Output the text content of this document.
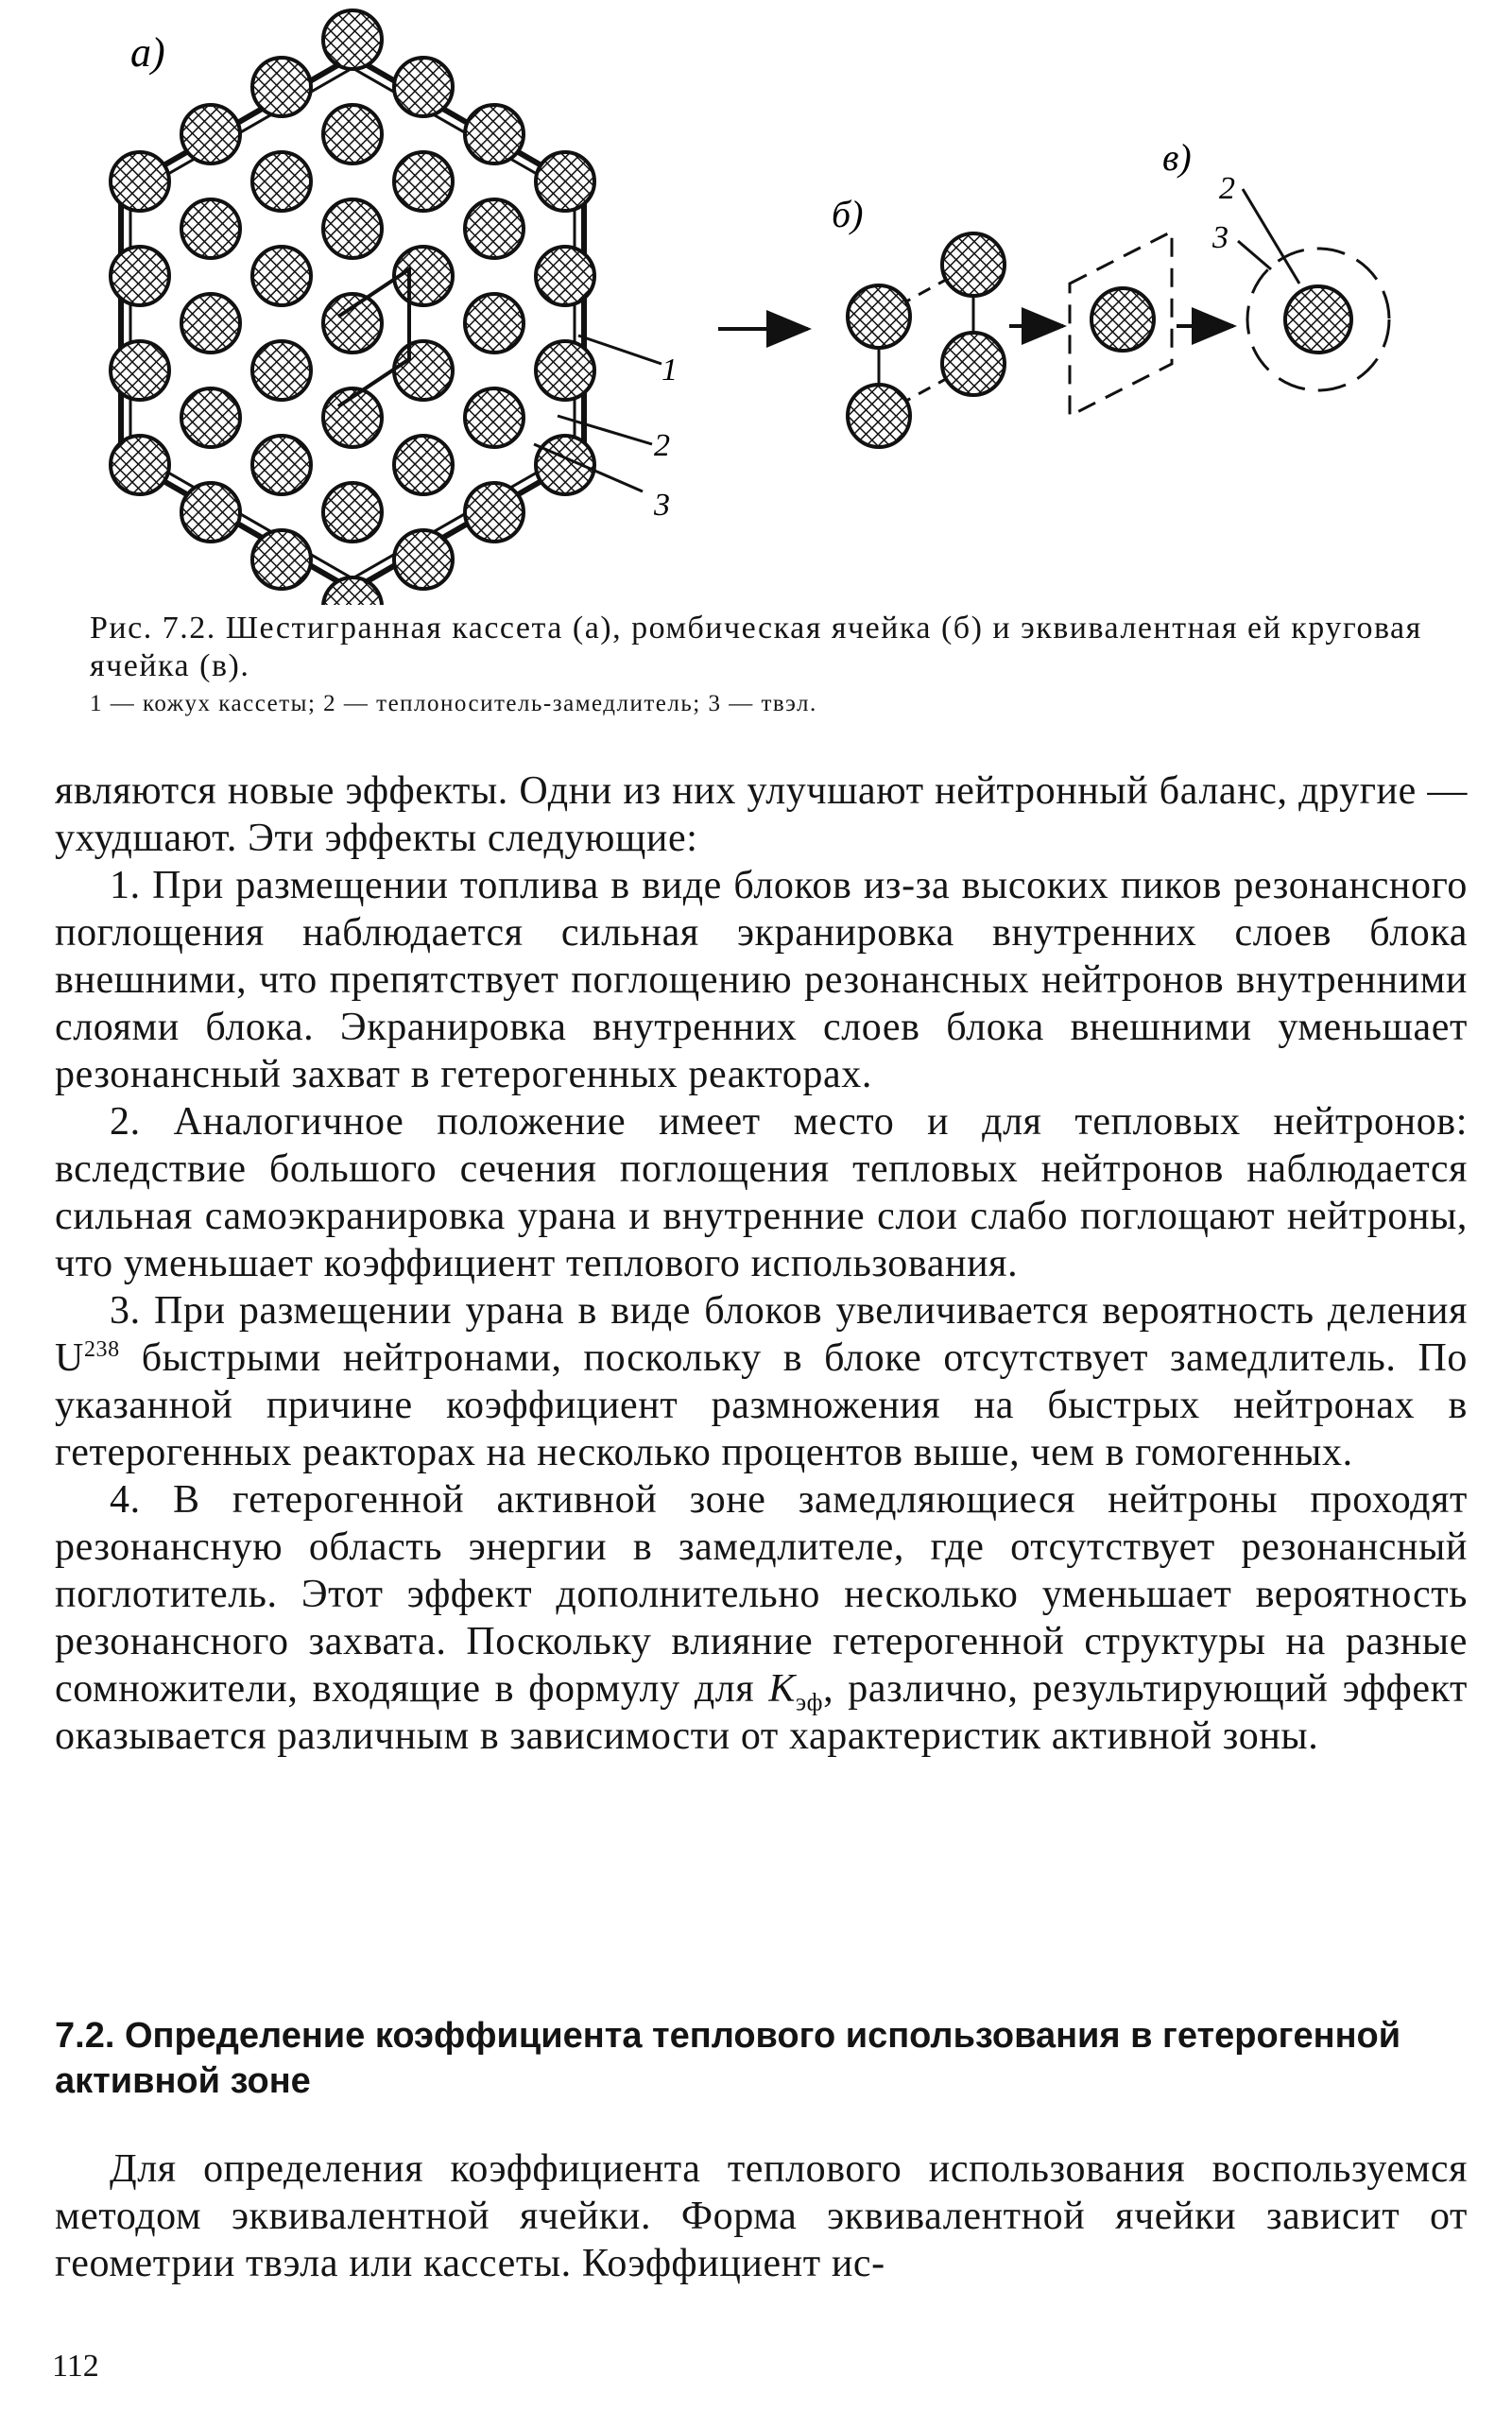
1
2
3
а)
б)
в)
2
3
Рис. 7.2. Шестигранная кассета (а), ромбическая ячейка (б) и эквивалентная ей круговая ячейка (в).
1 — кожух кассеты; 2 — теплоноситель-замедлитель; 3 — твэл.

являются новые эффекты. Одни из них улучшают нейтронный баланс, другие — ухудшают. Эти эффекты следующие:

1. При размещении топлива в виде блоков из-за высоких пиков резонансного поглощения наблюдается сильная экранировка внутренних слоев блока внешними, что препятствует поглощению резонансных нейтронов внутренними слоями блока. Экранировка внутренних слоев блока внешними уменьшает резонансный захват в гетерогенных реакторах.

2. Аналогичное положение имеет место и для тепловых нейтронов: вследствие большого сечения поглощения тепловых нейтронов наблюдается сильная самоэкранировка урана и внутренние слои слабо поглощают нейтроны, что уменьшает коэффициент теплового использования.

3. При размещении урана в виде блоков увеличивается вероятность деления $U^{238}$ быстрыми нейтронами, поскольку в блоке отсутствует замедлитель. По указанной причине коэффициент размножения на быстрых нейтронах в гетерогенных реакторах на несколько процентов выше, чем в гомогенных.

4. В гетерогенной активной зоне замедляющиеся нейтроны проходят резонансную область энергии в замедлителе, где отсутствует резонансный поглотитель. Этот эффект дополнительно несколько уменьшает вероятность резонансного захвата. Поскольку влияние гетерогенной структуры на разные сомножители, входящие в формулу для $K_{эф}$, различно, результирующий эффект оказывается различным в зависимости от характеристик активной зоны.

7.2. Определение коэффициента теплового использования в гетерогенной активной зоне

Для определения коэффициента теплового использования воспользуемся методом эквивалентной ячейки. Форма эквивалентной ячейки зависит от геометрии твэла или кассеты. Коэффициент ис-

112
